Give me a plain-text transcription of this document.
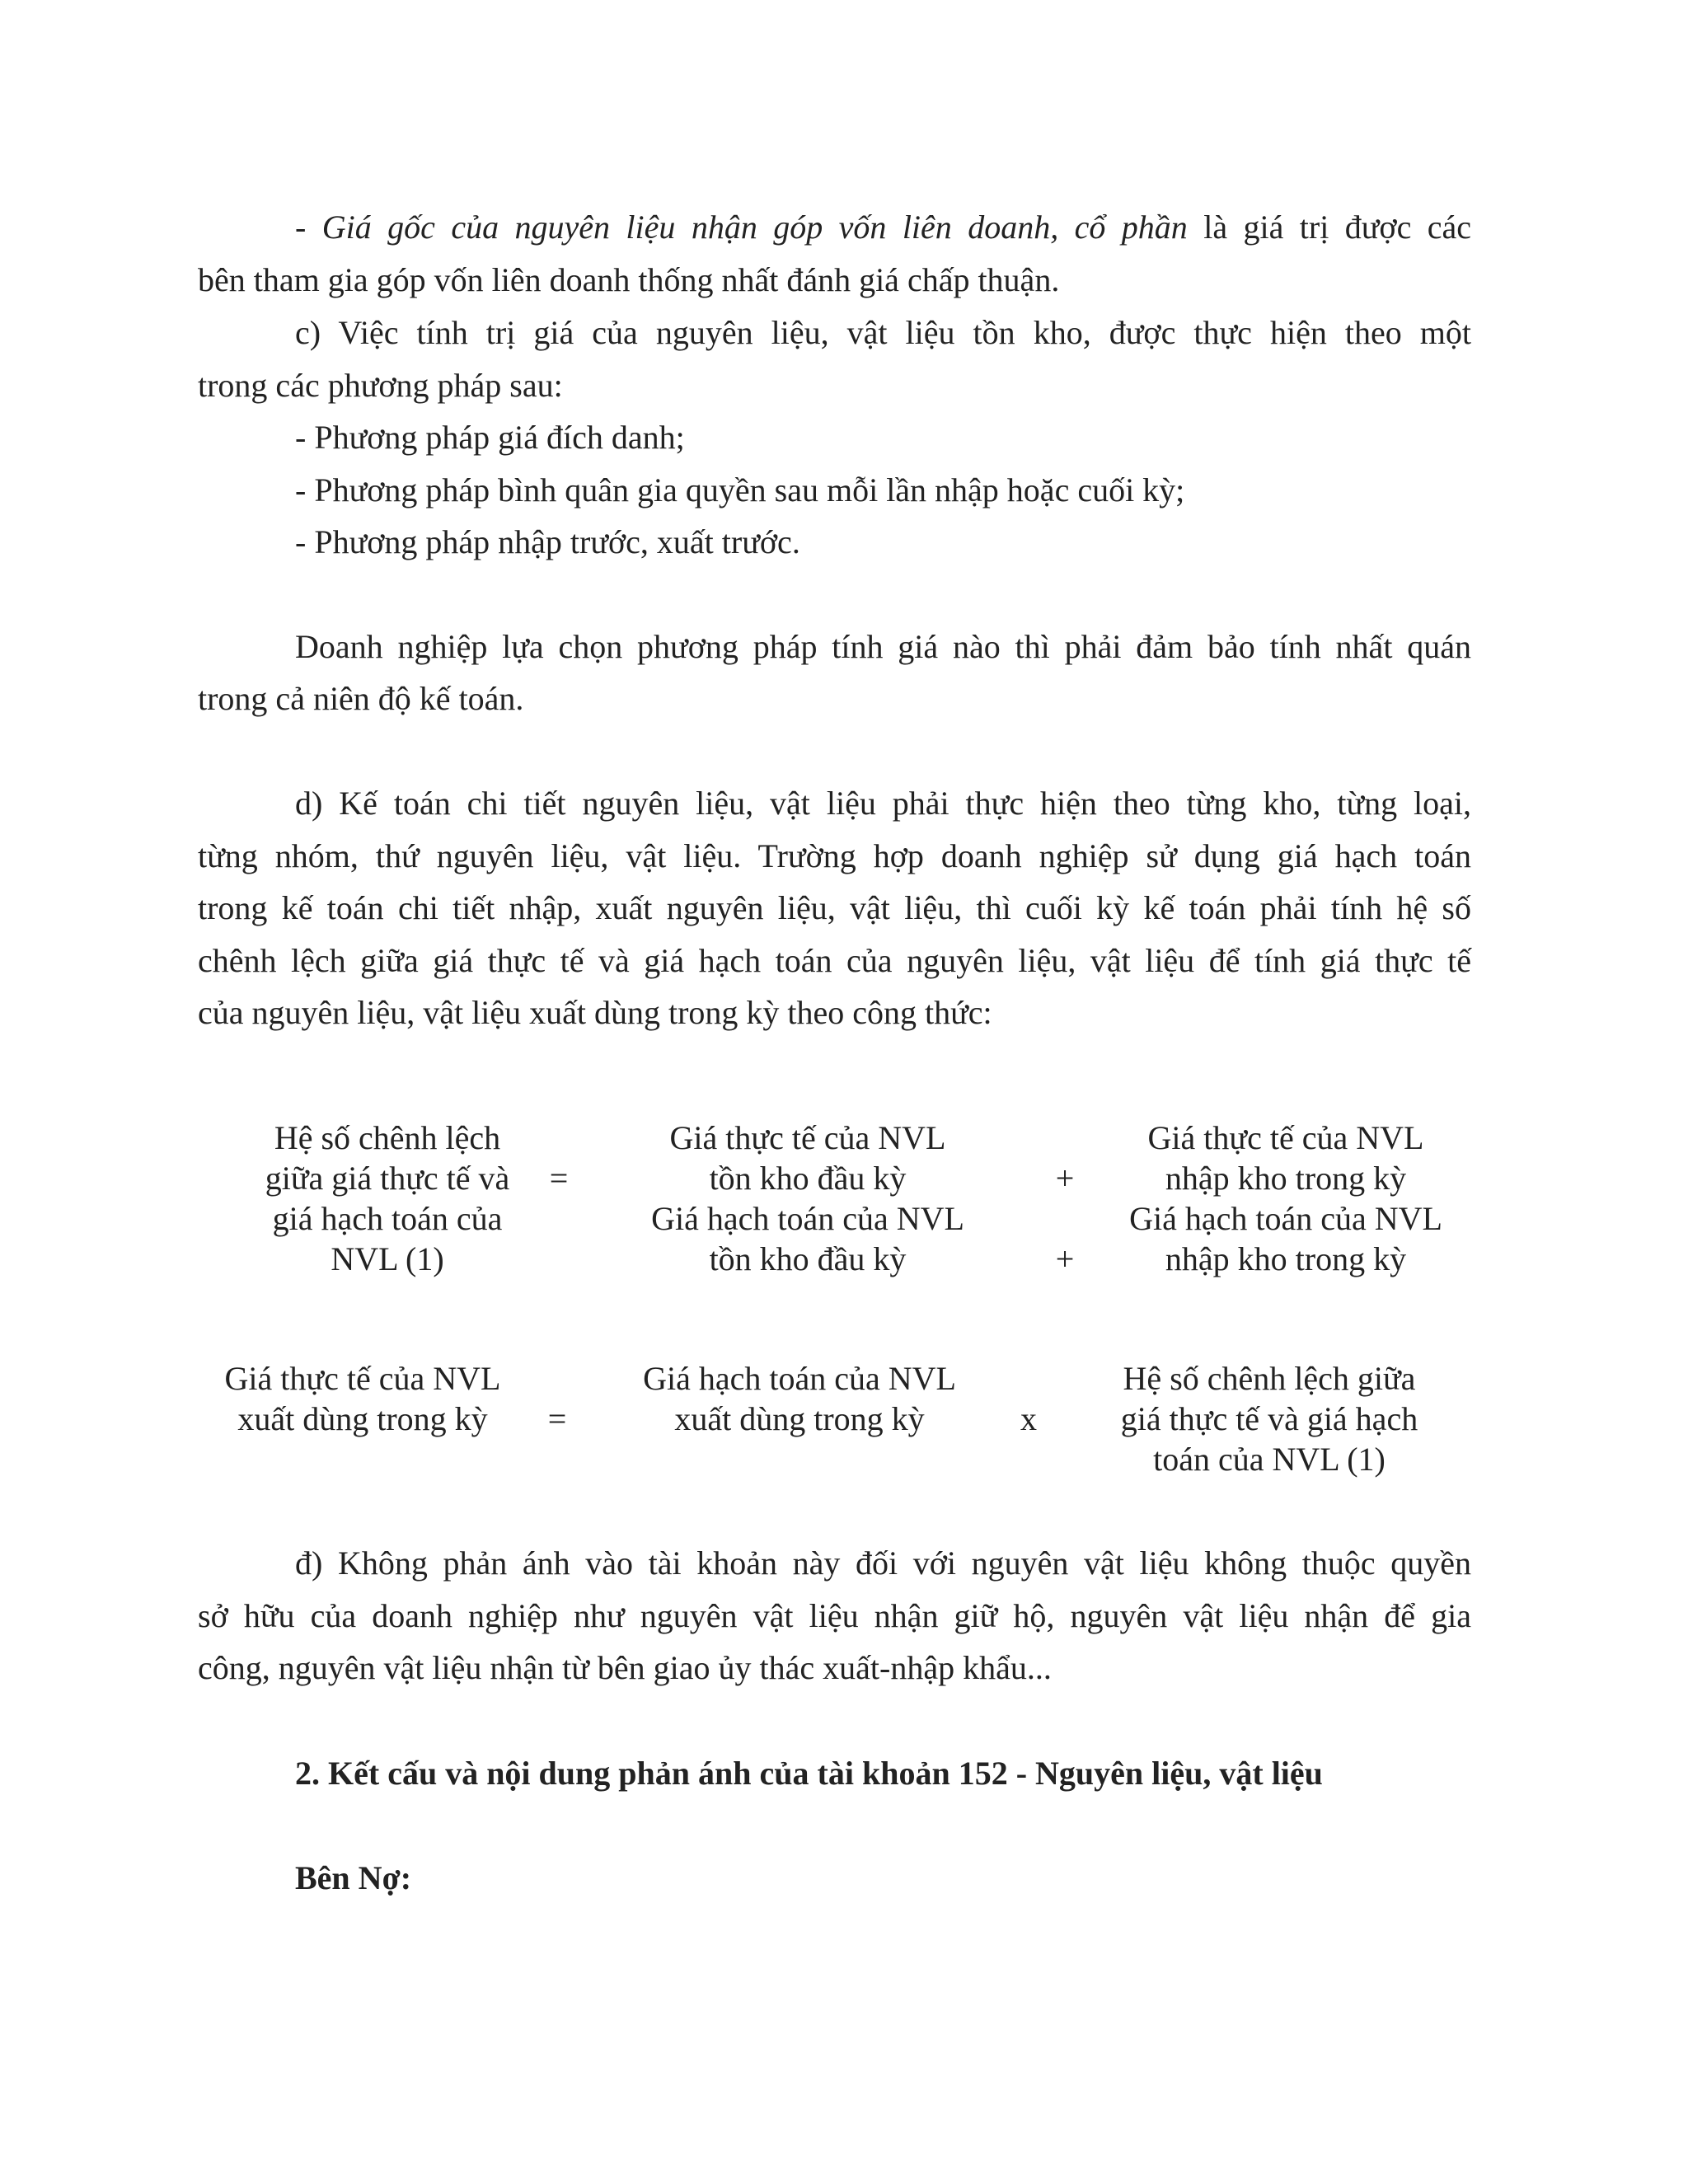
- Giá gốc của nguyên liệu nhận góp vốn liên doanh, cổ phần là giá trị được các
bên tham gia góp vốn liên doanh thống nhất đánh giá chấp thuận.
c) Việc tính trị giá của nguyên liệu, vật liệu tồn kho, được thực hiện theo một
trong các phương pháp sau:
- Phương pháp giá đích danh;
- Phương pháp bình quân gia quyền sau mỗi lần nhập hoặc cuối kỳ;
- Phương pháp nhập trước, xuất trước.
Doanh nghiệp lựa chọn phương pháp tính giá nào thì phải đảm bảo tính nhất quán
trong cả niên độ kế toán.
d) Kế toán chi tiết nguyên liệu, vật liệu phải thực hiện theo từng kho, từng loại,
từng nhóm, thứ nguyên liệu, vật liệu. Trường hợp doanh nghiệp sử dụng giá hạch toán
trong kế toán chi tiết nhập, xuất nguyên liệu, vật liệu, thì cuối kỳ kế toán phải tính hệ số
chênh lệch giữa giá thực tế và giá hạch toán của nguyên liệu, vật liệu để tính giá thực tế
của nguyên liệu, vật liệu xuất dùng trong kỳ theo công thức:
Hệ số chênh lệch
giữa giá thực tế và
giá hạch toán của
NVL (1)
=
Giá thực tế của NVL
tồn kho đầu kỳ	+
Giá thực tế của NVL
nhập kho trong kỳ
Giá hạch toán của NVL
tồn kho đầu kỳ	+
Giá hạch toán của NVL
nhập kho trong kỳ
Giá thực tế của NVL
xuất dùng trong kỳ	=
Giá hạch toán của NVL
xuất dùng trong kỳ	x
Hệ số chênh lệch giữa
giá thực tế và giá hạch
toán của NVL (1)
đ) Không phản ánh vào tài khoản này đối với nguyên vật liệu không thuộc quyền
sở hữu của doanh nghiệp như nguyên vật liệu nhận giữ hộ, nguyên vật liệu nhận để gia
công, nguyên vật liệu nhận từ bên giao ủy thác xuất-nhập khẩu...
2. Kết cấu và nội dung phản ánh của tài khoản 152 - Nguyên liệu, vật liệu
Bên Nợ:
